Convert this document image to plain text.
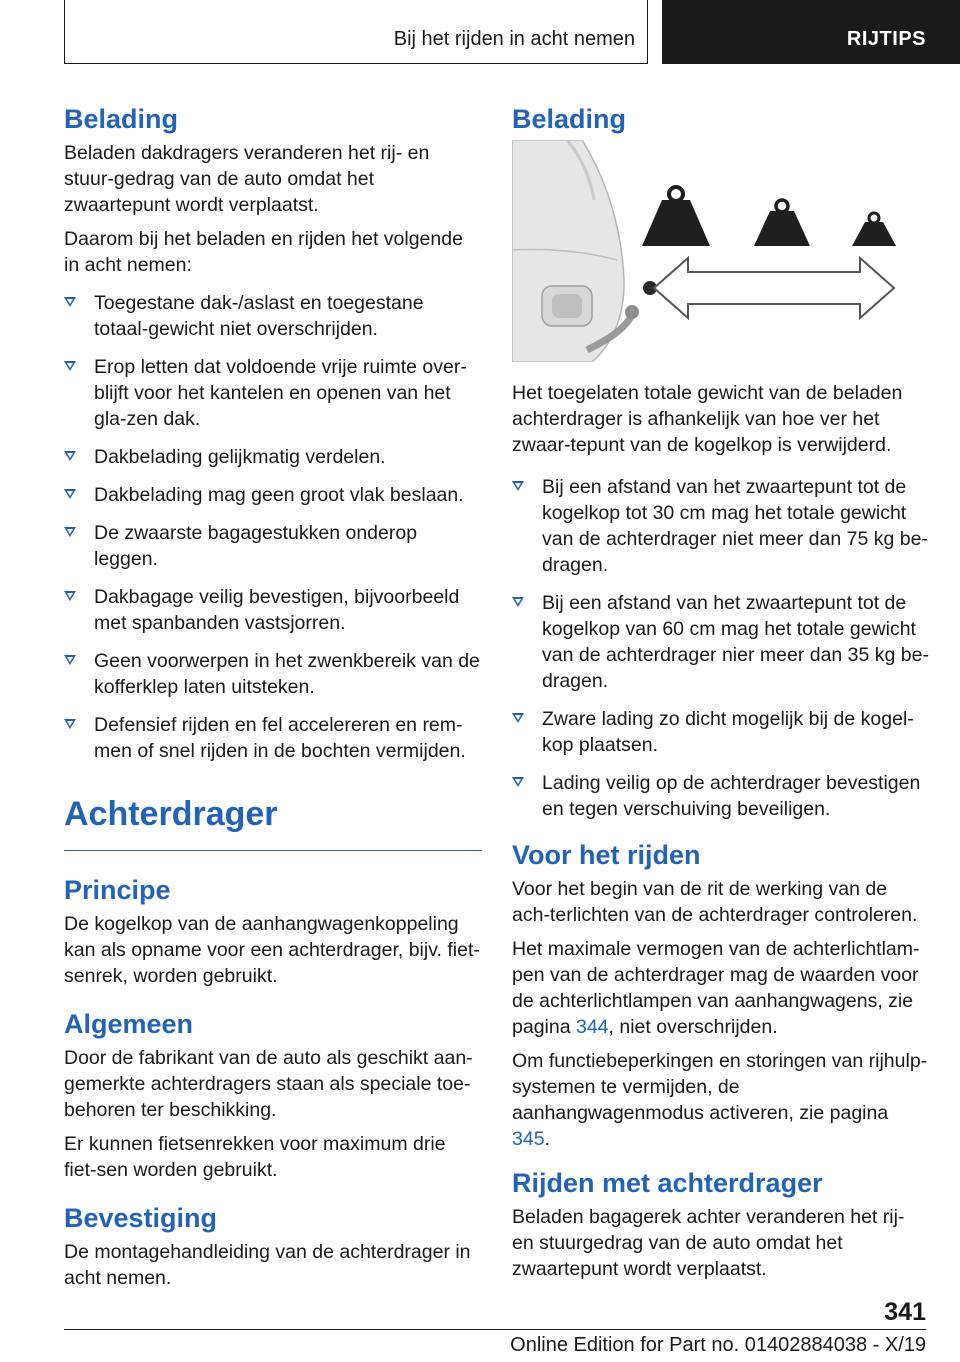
Bij het rijden in acht nemen	RIJTIPS
Belading

Beladen dakdragers veranderen het rij- en stuur-gedrag van de auto omdat het zwaartepunt wordt verplaatst.

Daarom bij het beladen en rijden het volgende in acht nemen:

Toegestane dak-/aslast en toegestane totaal-gewicht niet overschrijden.
Erop letten dat voldoende vrije ruimte over-blijft voor het kantelen en openen van het gla-zen dak.
Dakbelading gelijkmatig verdelen.
Dakbelading mag geen groot vlak beslaan.
De zwaarste bagagestukken onderop leggen.
Dakbagage veilig bevestigen, bijvoorbeeld met spanbanden vastsjorren.
Geen voorwerpen in het zwenkbereik van de kofferklep laten uitsteken.
Defensief rijden en fel accelereren en rem-men of snel rijden in de bochten vermijden.
Achterdrager
Principe

De kogelkop van de aanhangwagenkoppeling kan als opname voor een achterdrager, bijv. fiet-senrek, worden gebruikt.

Algemeen

Door de fabrikant van de auto als geschikt aan-gemerkte achterdragers staan als speciale toe-behoren ter beschikking.

Er kunnen fietsenrekken voor maximum drie fiet-sen worden gebruikt.

Bevestiging

De montagehandleiding van de achterdrager in acht nemen.

Belading

Het toegelaten totale gewicht van de beladen achterdrager is afhankelijk van hoe ver het zwaar-tepunt van de kogelkop is verwijderd.

Bij een afstand van het zwaartepunt tot de kogelkop tot 30 cm mag het totale gewicht van de achterdrager niet meer dan 75 kg be-dragen.
Bij een afstand van het zwaartepunt tot de kogelkop van 60 cm mag het totale gewicht van de achterdrager nier meer dan 35 kg be-dragen.
Zware lading zo dicht mogelijk bij de kogel-kop plaatsen.
Lading veilig op de achterdrager bevestigen en tegen verschuiving beveiligen.
Voor het rijden

Voor het begin van de rit de werking van de ach-terlichten van de achterdrager controleren.

Het maximale vermogen van de achterlichtlam-pen van de achterdrager mag de waarden voor de achterlichtlampen van aanhangwagens, zie pagina 344, niet overschrijden.

Om functiebeperkingen en storingen van rijhulp-systemen te vermijden, de aanhangwagenmodus activeren, zie pagina 345.

Rijden met achterdrager

Beladen bagagerek achter veranderen het rij- en stuurgedrag van de auto omdat het zwaartepunt wordt verplaatst.

341
Online Edition for Part no. 01402884038 - X/19
